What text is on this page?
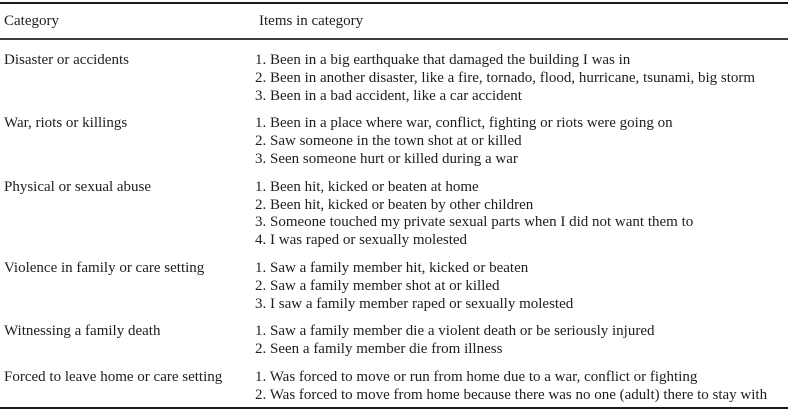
Category	Items in category
Disaster or accidents	1. Been in a big earthquake that damaged the building I was in
2. Been in another disaster, like a fire, tornado, flood, hurricane, tsunami, big storm
3. Been in a bad accident, like a car accident
War, riots or killings	1. Been in a place where war, conflict, fighting or riots were going on
2. Saw someone in the town shot at or killed
3. Seen someone hurt or killed during a war
Physical or sexual abuse	1. Been hit, kicked or beaten at home
2. Been hit, kicked or beaten by other children
3. Someone touched my private sexual parts when I did not want them to
4. I was raped or sexually molested
Violence in family or care setting	1. Saw a family member hit, kicked or beaten
2. Saw a family member shot at or killed
3. I saw a family member raped or sexually molested
Witnessing a family death	1. Saw a family member die a violent death or be seriously injured
2. Seen a family member die from illness
Forced to leave home or care setting	1. Was forced to move or run from home due to a war, conflict or fighting
2. Was forced to move from home because there was no one (adult) there to stay with
